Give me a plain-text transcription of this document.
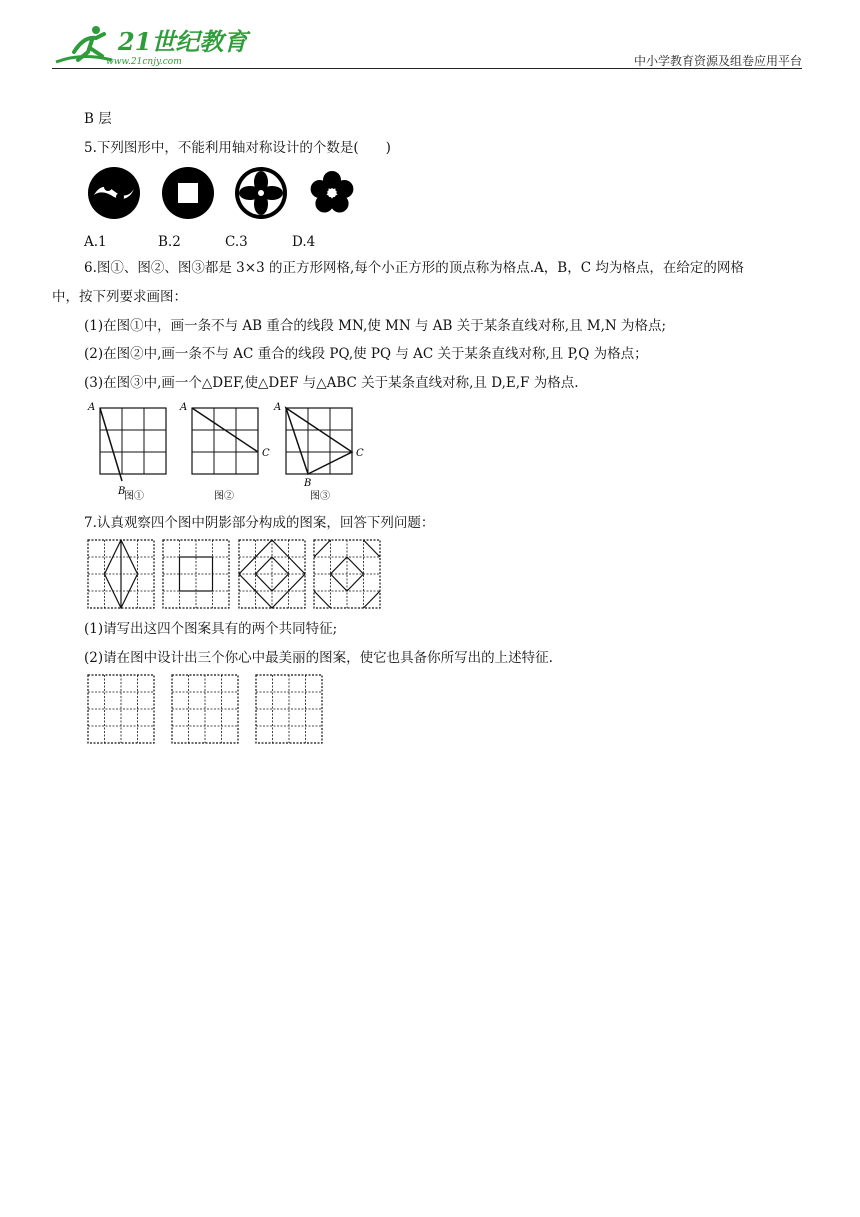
21世纪教育
www.21cnjy.com	中小学教育资源及组卷应用平台
B 层
5.下列图形中，不能利用轴对称设计的个数是(　　)
A.1	B.2	C.3	D.4
6.图①、图②、图③都是 3×3 的正方形网格,每个小正方形的顶点称为格点.A，B，C 均为格点，在给定的网格
中，按下列要求画图：
(1)在图①中，画一条不与 AB 重合的线段 MN,使 MN 与 AB 关于某条直线对称,且 M,N 为格点;
(2)在图②中,画一条不与 AC 重合的线段 PQ,使 PQ 与 AC 关于某条直线对称,且 P,Q 为格点；
(3)在图③中,画一个△DEF,使△DEF 与△ABC 关于某条直线对称,且 D,E,F 为格点.
A
B
图①
A
C
图②
A
B
C
图③
7.认真观察四个图中阴影部分构成的图案，回答下列问题：
(1)请写出这四个图案具有的两个共同特征;
(2)请在图中设计出三个你心中最美丽的图案，使它也具备你所写出的上述特征.
